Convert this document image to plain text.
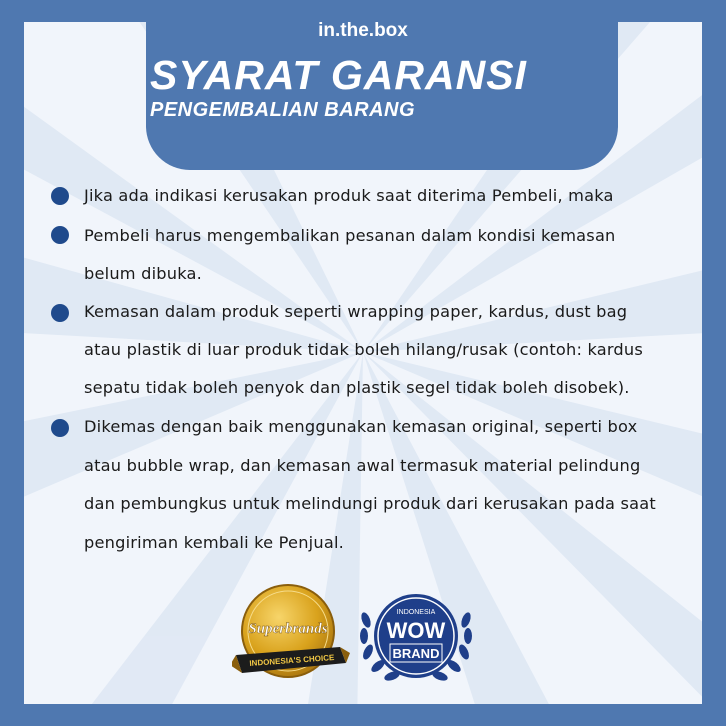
in.the.box
SYARAT GARANSI
PENGEMBALIAN BARANG
Jika ada indikasi kerusakan produk saat diterima Pembeli, maka
Pembeli harus mengembalikan pesanan dalam kondisi kemasan
belum dibuka.
Kemasan dalam produk seperti wrapping paper, kardus, dust bag
atau plastik di luar produk tidak boleh hilang/rusak (contoh: kardus
sepatu tidak boleh penyok dan plastik segel tidak boleh disobek).
Dikemas dengan baik menggunakan kemasan original, seperti box
atau bubble wrap, dan kemasan awal termasuk material pelindung
dan pembungkus untuk melindungi produk dari kerusakan pada saat
pengiriman kembali ke Penjual.
Superbrands
INDONESIA'S CHOICE
INDONESIA
WOW
BRAND
